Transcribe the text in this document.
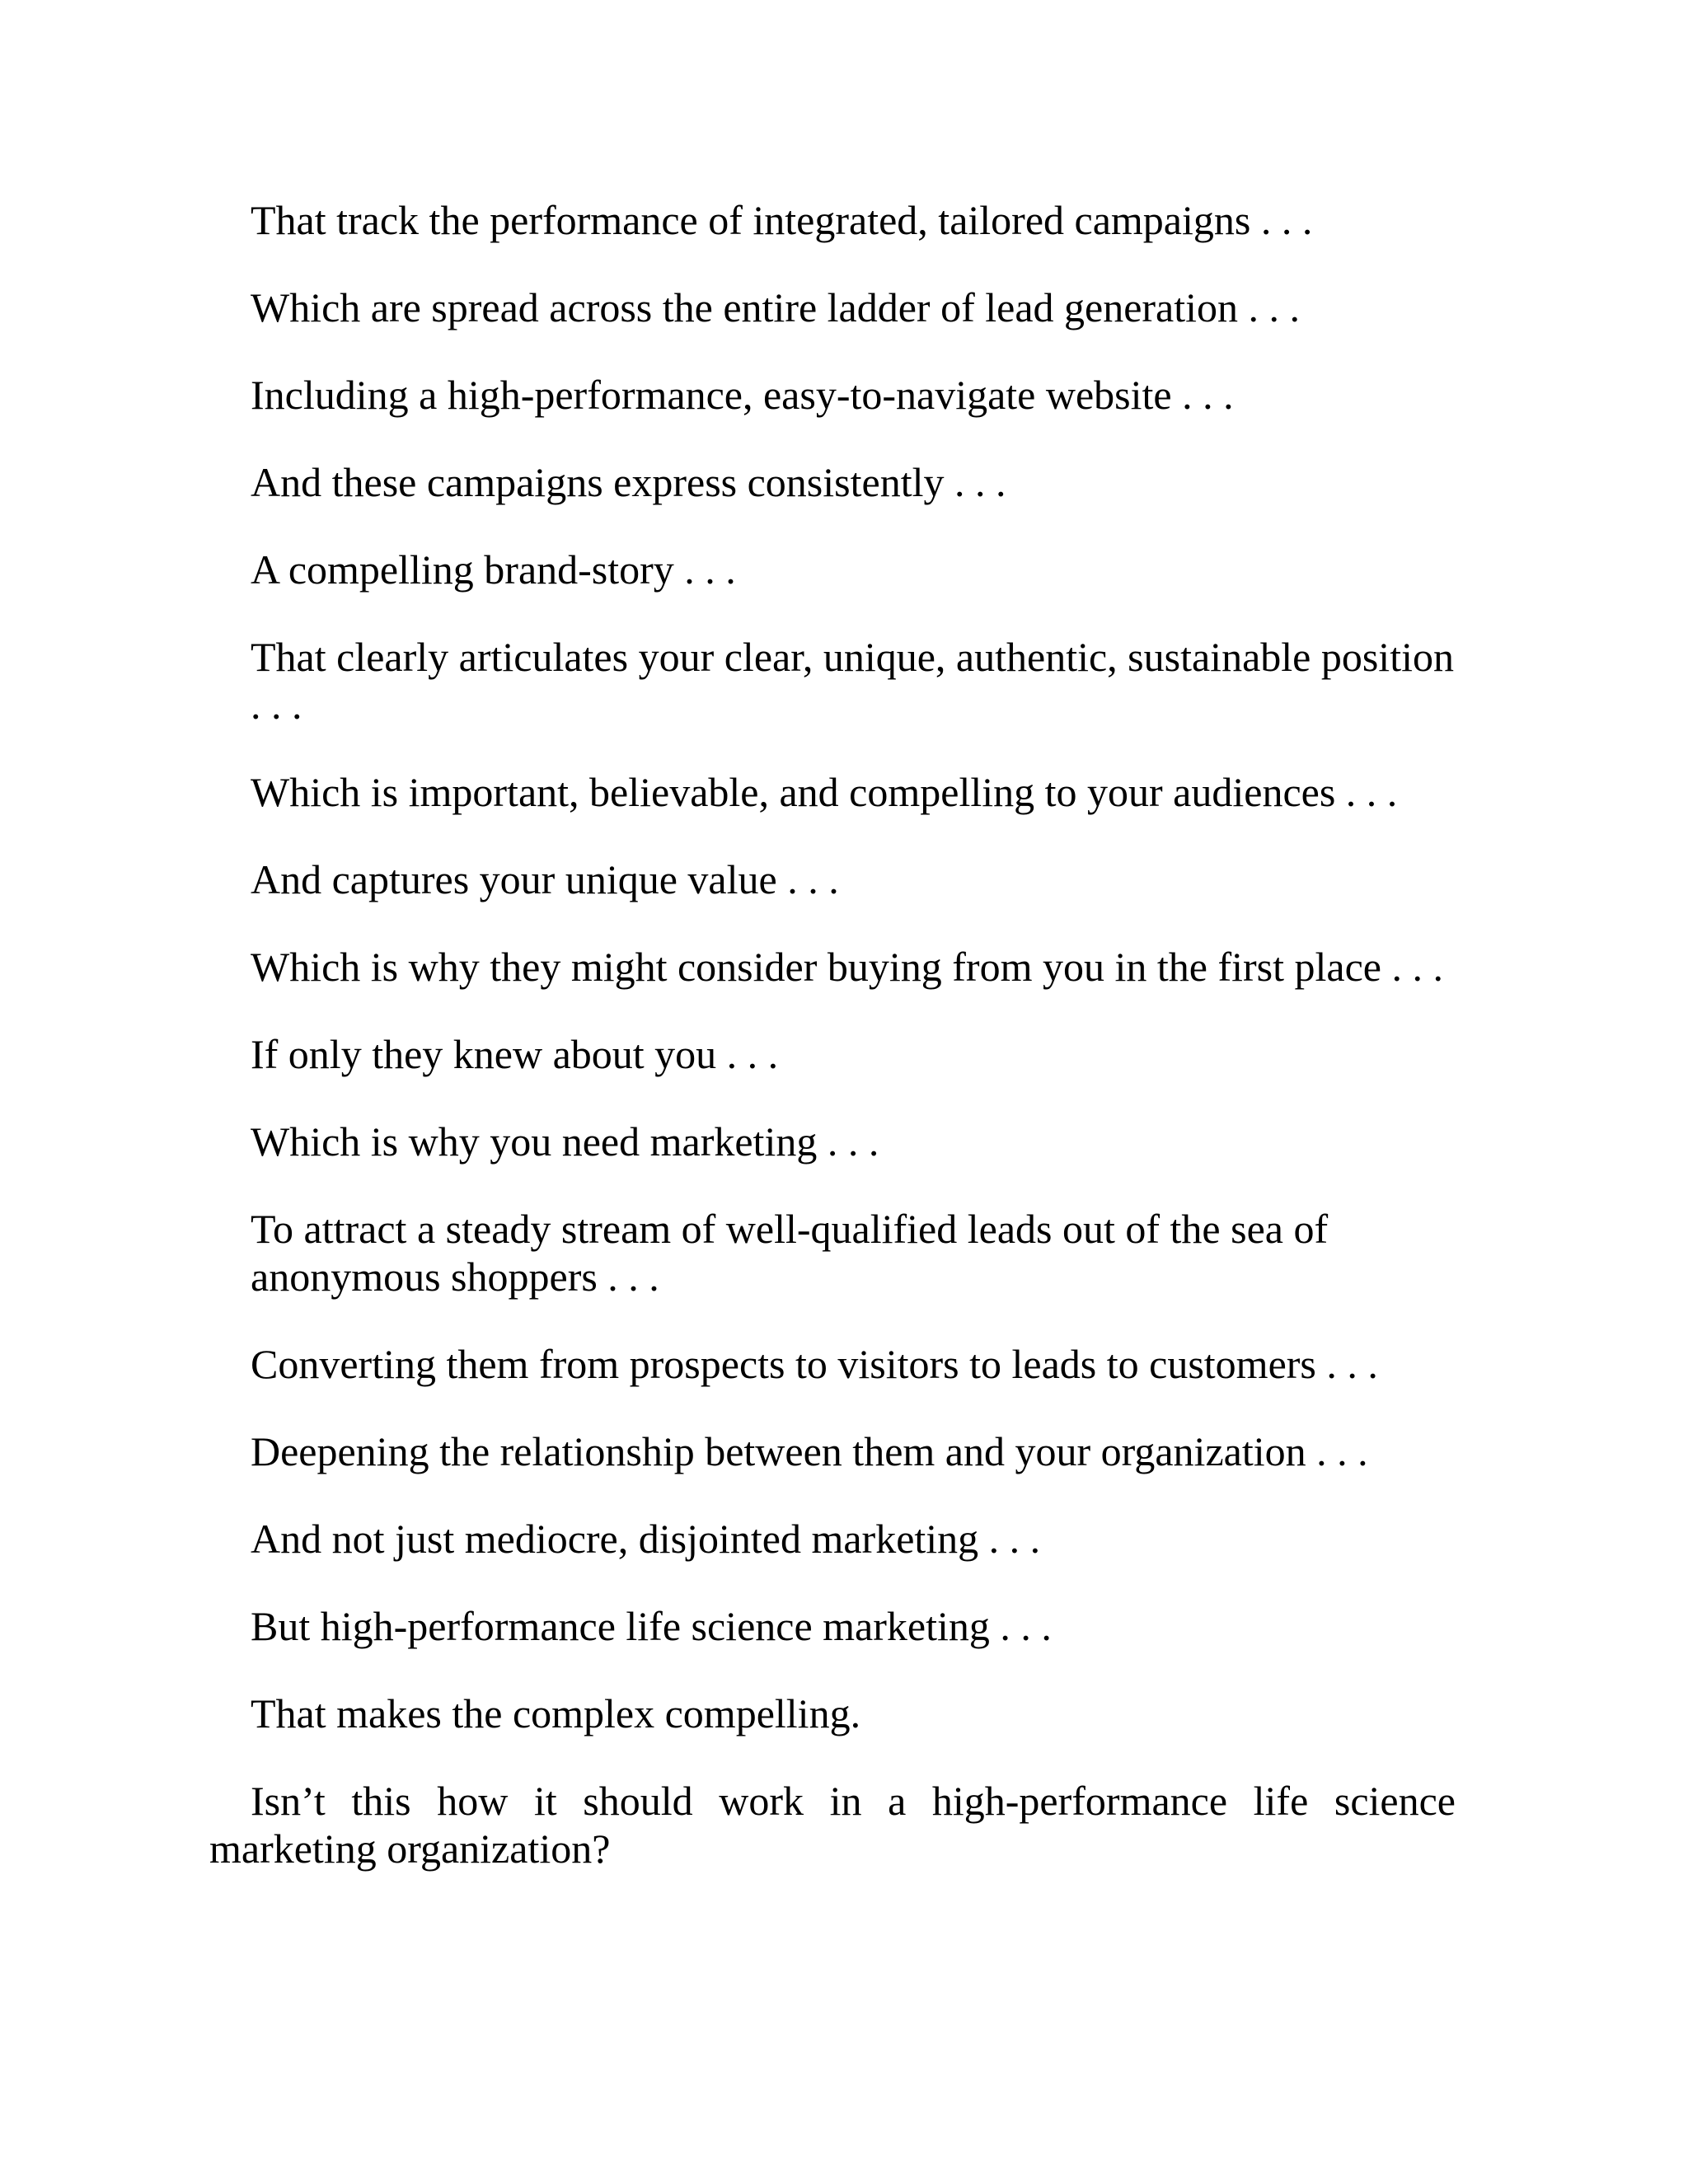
That track the performance of integrated, tailored campaigns . . .

Which are spread across the entire ladder of lead generation . . .

Including a high-performance, easy-to-navigate website . . .

And these campaigns express consistently . . .

A compelling brand-story . . .

That clearly articulates your clear, unique, authentic, sustainable position . . .

Which is important, believable, and compelling to your audiences . . .

And captures your unique value . . .

Which is why they might consider buying from you in the first place . . .

If only they knew about you . . .

Which is why you need marketing . . .

To attract a steady stream of well-qualified leads out of the sea of anonymous shoppers . . .

Converting them from prospects to visitors to leads to customers . . .

Deepening the relationship between them and your organization . . .

And not just mediocre, disjointed marketing . . .

But high-performance life science marketing . . .

That makes the complex compelling.

Isn’t this how it should work in a high-performance life science marketing organization?
